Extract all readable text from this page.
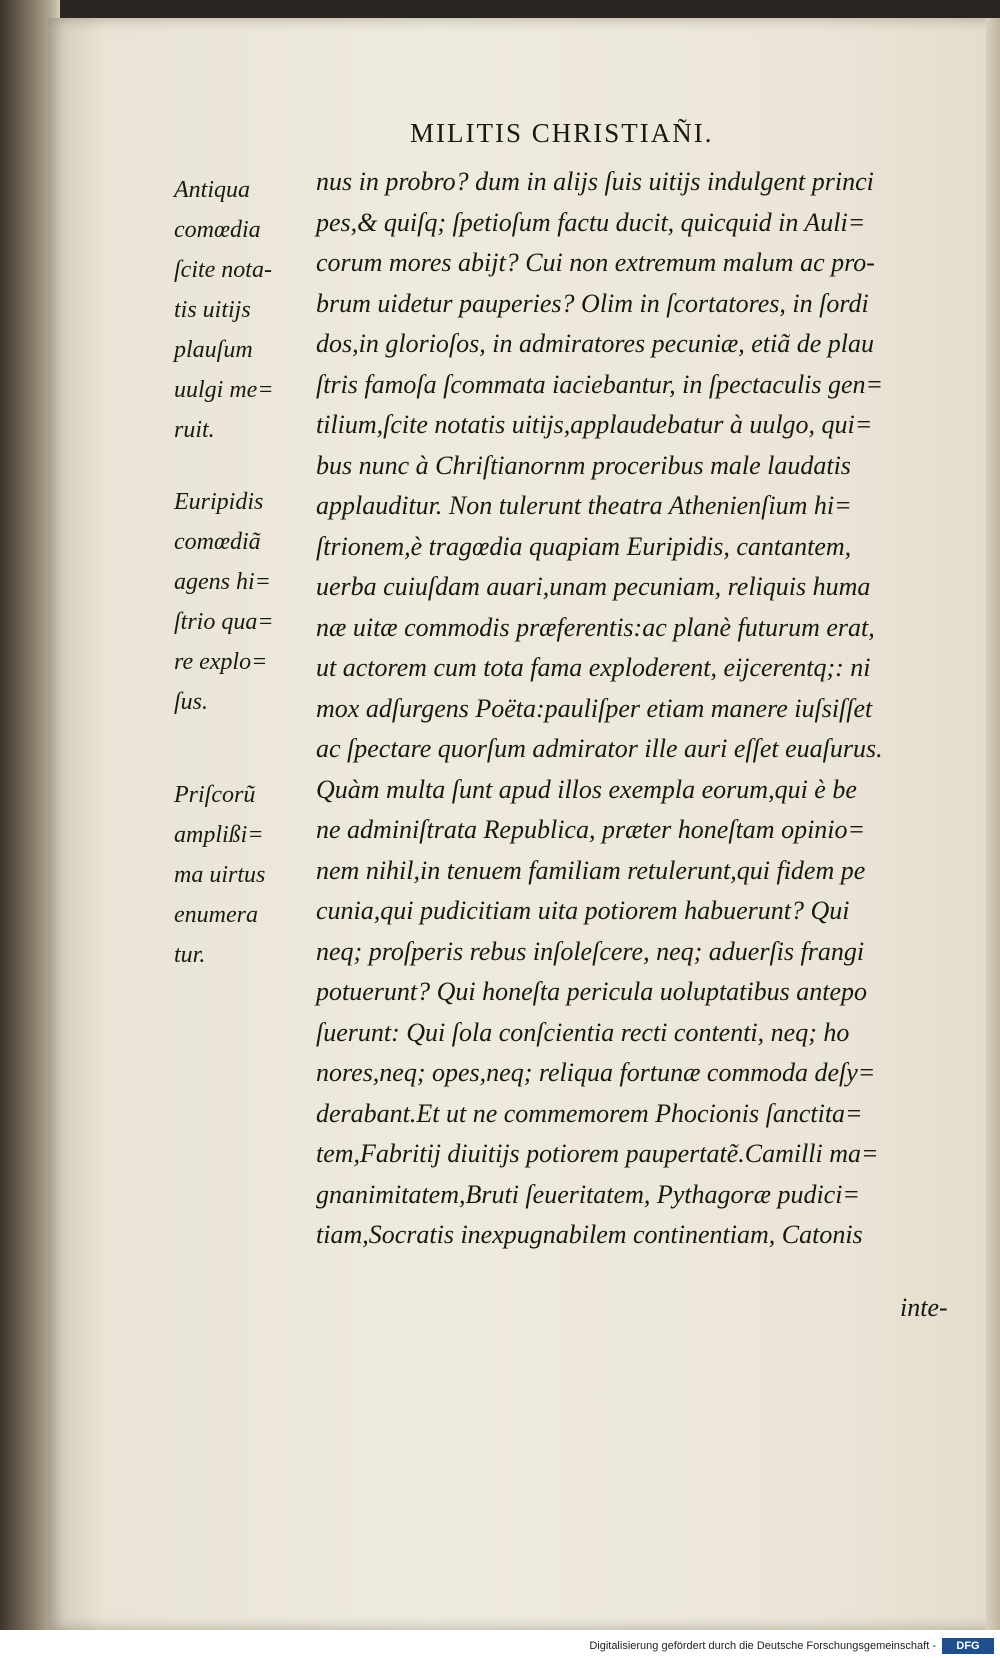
MILITIS CHRISTIAÑI.

Antiqua
comœdia
ſcite nota-
tis uitijs
plauſum
uulgi me=
ruit.

Euripidis
comœdiã
agens hi=
ſtrio qua=
re explo=
ſus.

Priſcorũ
amplißi=
ma uirtus
enumera
tur.

nus in probro? dum in alijs ſuis uitijs indulgent princi
pes,& quiſq; ſpetioſum factu ducit, quicquid in Auli=
corum mores abijt? Cui non extremum malum ac pro-
brum uidetur pauperies? Olim in ſcortatores, in ſordi
dos,in glorioſos, in admiratores pecuniæ, etiã de plau
ſtris famoſa ſcommata iaciebantur, in ſpectaculis gen=
tilium,ſcite notatis uitijs,applaudebatur à uulgo, qui=
bus nunc à Chriſtianornm proceribus male laudatis
applauditur. Non tulerunt theatra Athenienſium hi=
ſtrionem,è tragœdia quapiam Euripidis, cantantem,
uerba cuiuſdam auari,unam pecuniam, reliquis huma
næ uitæ commodis præferentis:ac planè futurum erat,
ut actorem cum tota fama exploderent, eijcerentq;: ni
mox adſurgens Poëta:pauliſper etiam manere iuſsiſſet
ac ſpectare quorſum admirator ille auri eſſet euaſurus.
Quàm multa ſunt apud illos exempla eorum,qui è be
ne adminiſtrata Republica, præter honeſtam opinio=
nem nihil,in tenuem familiam retulerunt,qui fidem pe
cunia,qui pudicitiam uita potiorem habuerunt? Qui
neq; proſperis rebus inſoleſcere, neq; aduerſis frangi
potuerunt? Qui honeſta pericula uoluptatibus antepo
ſuerunt: Qui ſola conſcientia recti contenti, neq; ho
nores,neq; opes,neq; reliqua fortunæ commoda deſy=
derabant.Et ut ne commemorem Phocionis ſanctita=
tem,Fabritij diuitijs potiorem paupertatẽ.Camilli ma=
gnanimitatem,Bruti ſeueritatem, Pythagoræ pudici=
tiam,Socratis inexpugnabilem continentiam, Catonis
inte-
Digitalisierung gefördert durch die Deutsche Forschungsgemeinschaft -	DFG
